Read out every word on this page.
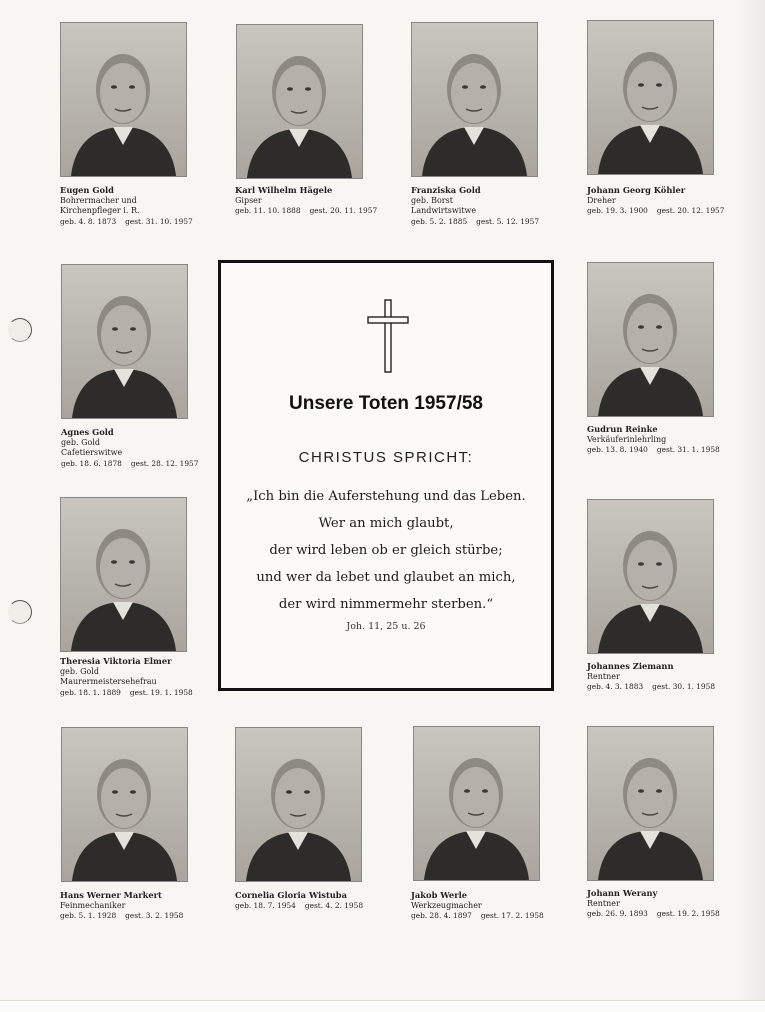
Eugen Gold
Bohrermacher und
Kirchenpfleger i. R.
geb. 4. 8. 1873 gest. 31. 10. 1957
Karl Wilhelm Hägele
Gipser
geb. 11. 10. 1888 gest. 20. 11. 1957
Franziska Gold
geb. Borst
Landwirtswitwe
geb. 5. 2. 1885 gest. 5. 12. 1957
Johann Georg Köhler
Dreher
geb. 19. 3. 1900 gest. 20. 12. 1957
Agnes Gold
geb. Gold
Cafetierswitwe
geb. 18. 6. 1878 gest. 28. 12. 1957
Gudrun Reinke
Verkäuferinlehrling
geb. 13. 8. 1940 gest. 31. 1. 1958
Theresia Viktoria Elmer
geb. Gold
Maurermeistersehefrau
geb. 18. 1. 1889 gest. 19. 1. 1958
Johannes Ziemann
Rentner
geb. 4. 3. 1883 gest. 30. 1. 1958
Hans Werner Markert
Feinmechaniker
geb. 5. 1. 1928 gest. 3. 2. 1958
Cornelia Gloria Wistuba
geb. 18. 7. 1954 gest. 4. 2. 1958
Jakob Werle
Werkzeugmacher
geb. 28. 4. 1897 gest. 17. 2. 1958
Johann Werany
Rentner
geb. 26. 9. 1893 gest. 19. 2. 1958
Unsere Toten 1957/58
CHRISTUS SPRICHT:
„Ich bin die Auferstehung und das Leben.
Wer an mich glaubt,
der wird leben ob er gleich stürbe;
und wer da lebet und glaubet an mich,
der wird nimmermehr sterben.“
Joh. 11, 25 u. 26
